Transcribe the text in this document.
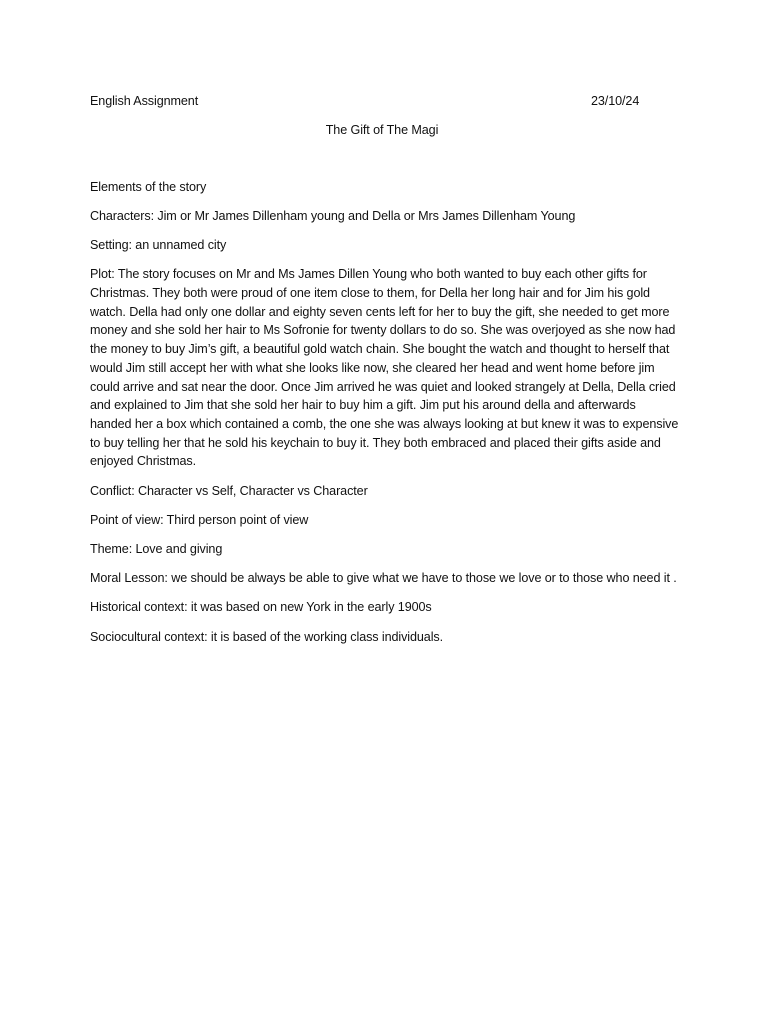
English Assignment	23/10/24
The Gift of The Magi

Elements of the story

Characters: Jim or Mr James Dillenham young and Della or Mrs James Dillenham Young

Setting: an unnamed city

Plot: The story focuses on Mr and Ms James Dillen Young who both wanted to buy each other gifts for Christmas. They both were proud of one item close to them, for Della her long hair and for Jim his gold watch. Della had only one dollar and eighty seven cents left for her to buy the gift, she needed to get more money and she sold her hair to Ms Sofronie for twenty dollars to do so. She was overjoyed as she now had the money to buy Jim’s gift, a beautiful gold watch chain. She bought the watch and thought to herself that would Jim still accept her with what she looks like now, she cleared her head and went home before jim could arrive and sat near the door. Once Jim arrived he was quiet and looked strangely at Della, Della cried and explained to Jim that she sold her hair to buy him a gift. Jim put his around della and afterwards handed her a box which contained a comb, the one she was always looking at but knew it was to expensive to buy telling her that he sold his keychain to buy it. They both embraced and placed their gifts aside and enjoyed Christmas.

Conflict: Character vs Self, Character vs Character

Point of view: Third person point of view

Theme: Love and giving

Moral Lesson: we should be always be able to give what we have to those we love or to those who need it .

Historical context: it was based on new York in the early 1900s

Sociocultural context: it is based of the working class individuals.
